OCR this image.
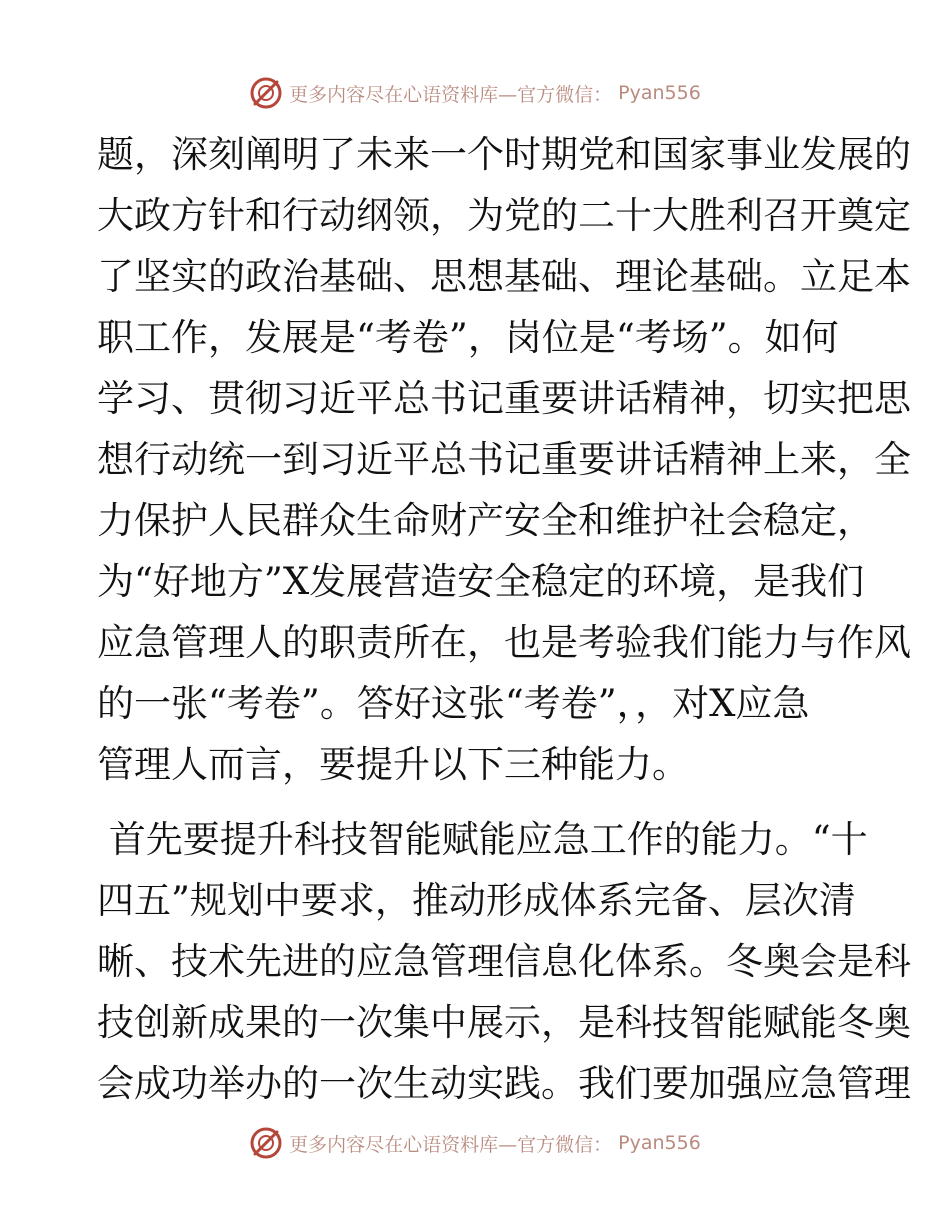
更多内容尽在心语资料库—官方微信： Pyan556
题，深刻阐明了未来一个时期党和国家事业发展的
大政方针和行动纲领，为党的二十大胜利召开奠定
了坚实的政治基础、思想基础、理论基础。立足本
职工作，发展是“考卷”，岗位是“考场”。如何
学习、贯彻习近平总书记重要讲话精神，切实把思
想行动统一到习近平总书记重要讲话精神上来，全
力保护人民群众生命财产安全和维护社会稳定，
为“好地方”X发展营造安全稳定的环境，是我们
应急管理人的职责所在，也是考验我们能力与作风
的一张“考卷”。答好这张“考卷”，，对X应急
管理人而言，要提升以下三种能力。
首先要提升科技智能赋能应急工作的能力。“十
四五”规划中要求，推动形成体系完备、层次清
晰、技术先进的应急管理信息化体系。冬奥会是科
技创新成果的一次集中展示，是科技智能赋能冬奥
会成功举办的一次生动实践。我们要加强应急管理
更多内容尽在心语资料库—官方微信： Pyan556
